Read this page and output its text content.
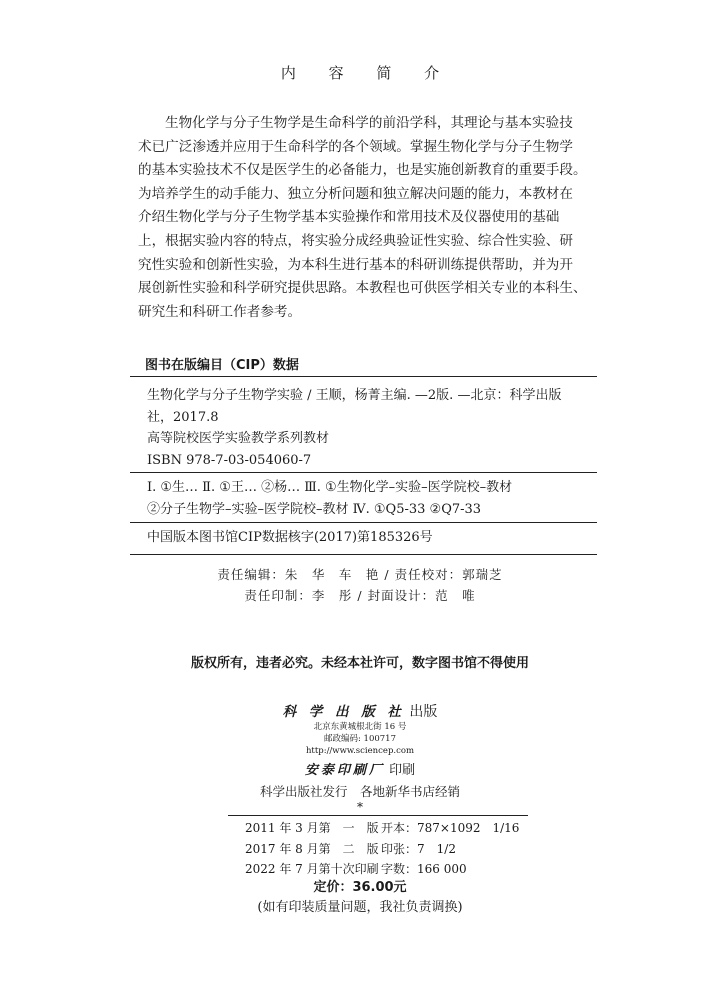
内 容 简 介
生物化学与分子生物学是生命科学的前沿学科，其理论与基本实验技
术已广泛渗透并应用于生命科学的各个领域。掌握生物化学与分子生物学
的基本实验技术不仅是医学生的必备能力，也是实施创新教育的重要手段。
为培养学生的动手能力、独立分析问题和独立解决问题的能力，本教材在
介绍生物化学与分子生物学基本实验操作和常用技术及仪器使用的基础
上，根据实验内容的特点，将实验分成经典验证性实验、综合性实验、研
究性实验和创新性实验，为本科生进行基本的科研训练提供帮助，并为开
展创新性实验和科学研究提供思路。本教程也可供医学相关专业的本科生、
研究生和科研工作者参考。
图书在版编目（CIP）数据
生物化学与分子生物学实验 / 王顺，杨菁主编. —2版. —北京：科学出版
社，2017.8
高等院校医学实验教学系列教材
ISBN 978-7-03-054060-7
Ⅰ. ①生… Ⅱ. ①王… ②杨… Ⅲ. ①生物化学–实验–医学院校–教材
②分子生物学–实验–医学院校–教材 Ⅳ. ①Q5-33 ②Q7-33
中国版本图书馆CIP数据核字(2017)第185326号
责任编辑：朱　华　车　艳 / 责任校对：郭瑞芝
责任印制：李　彤 / 封面设计：范　唯
版权所有，违者必究。未经本社许可，数字图书馆不得使用
科 学 出 版 社 出版
北京东黄城根北街 16 号
邮政编码: 100717
http://www.sciencep.com
安泰印刷厂 印刷
科学出版社发行　各地新华书店经销
*
2011 年 3 月第　一　版 开本：787×1092　1/16
2017 年 8 月第　二　版 印张：7　1/2
2022 年 7 月第十次印刷 字数：166 000
定价：36.00元
(如有印装质量问题，我社负责调换)
